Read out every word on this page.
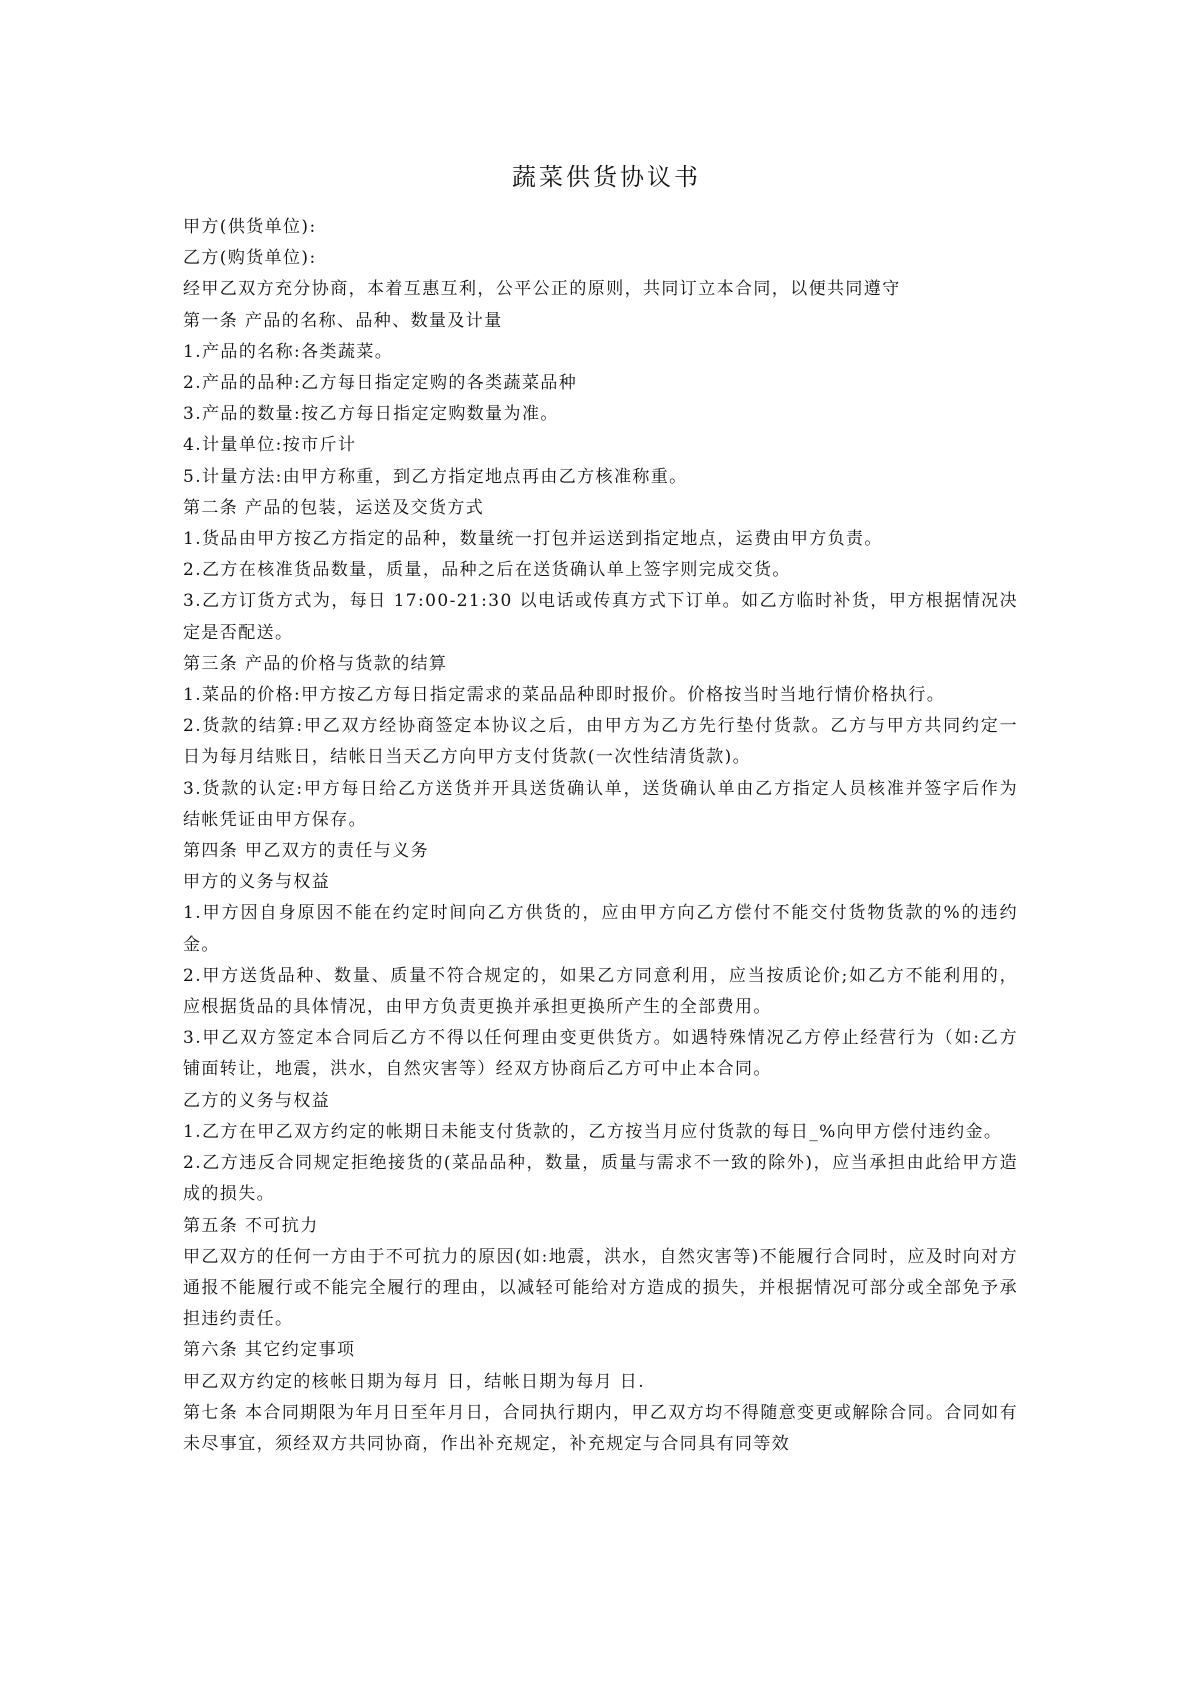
蔬菜供货协议书

甲方(供货单位):

乙方(购货单位):

经甲乙双方充分协商，本着互惠互利，公平公正的原则，共同订立本合同，以便共同遵守

第一条 产品的名称、品种、数量及计量

1.产品的名称:各类蔬菜。

2.产品的品种:乙方每日指定定购的各类蔬菜品种

3.产品的数量:按乙方每日指定定购数量为准。

4.计量单位:按市斤计

5.计量方法:由甲方称重，到乙方指定地点再由乙方核准称重。

第二条 产品的包装，运送及交货方式

1.货品由甲方按乙方指定的品种，数量统一打包并运送到指定地点，运费由甲方负责。

2.乙方在核准货品数量，质量，品种之后在送货确认单上签字则完成交货。

3.乙方订货方式为，每日 17:00-21:30 以电话或传真方式下订单。如乙方临时补货，甲方根据情况决定是否配送。

第三条 产品的价格与货款的结算

1.菜品的价格:甲方按乙方每日指定需求的菜品品种即时报价。价格按当时当地行情价格执行。

2.货款的结算:甲乙双方经协商签定本协议之后，由甲方为乙方先行垫付货款。乙方与甲方共同约定一日为每月结账日，结帐日当天乙方向甲方支付货款(一次性结清货款)。

3.货款的认定:甲方每日给乙方送货并开具送货确认单，送货确认单由乙方指定人员核准并签字后作为结帐凭证由甲方保存。

第四条 甲乙双方的责任与义务

甲方的义务与权益

1.甲方因自身原因不能在约定时间向乙方供货的，应由甲方向乙方偿付不能交付货物货款的%的违约金。

2.甲方送货品种、数量、质量不符合规定的，如果乙方同意利用，应当按质论价;如乙方不能利用的，应根据货品的具体情况，由甲方负责更换并承担更换所产生的全部费用。

3.甲乙双方签定本合同后乙方不得以任何理由变更供货方。如遇特殊情况乙方停止经营行为（如:乙方铺面转让，地震，洪水，自然灾害等）经双方协商后乙方可中止本合同。

乙方的义务与权益

1.乙方在甲乙双方约定的帐期日未能支付货款的，乙方按当月应付货款的每日_%向甲方偿付违约金。

2.乙方违反合同规定拒绝接货的(菜品品种，数量，质量与需求不一致的除外)，应当承担由此给甲方造成的损失。

第五条 不可抗力

甲乙双方的任何一方由于不可抗力的原因(如:地震，洪水，自然灾害等)不能履行合同时，应及时向对方通报不能履行或不能完全履行的理由，以减轻可能给对方造成的损失，并根据情况可部分或全部免予承担违约责任。

第六条 其它约定事项

甲乙双方约定的核帐日期为每月 日，结帐日期为每月 日.

第七条 本合同期限为年月日至年月日，合同执行期内，甲乙双方均不得随意变更或解除合同。合同如有未尽事宜，须经双方共同协商，作出补充规定，补充规定与合同具有同等效
